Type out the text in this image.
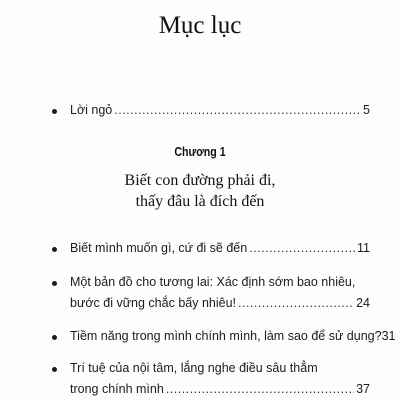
Mục lục
Lời ngỏ .....	5
Chương 1
Biết con đường phải đi,
thấy đâu là đích đến
Biết mình muốn gì, cứ đi sẽ đến .....	11
Một bản đồ cho tương lai: Xác định sớm bao nhiêu,
bước đi vững chắc bấy nhiêu! .....	24
Tiềm năng trong mình chính mình, làm sao để sử dụng? 31
Trí tuệ của nội tâm, lắng nghe điều sâu thẳm
trong chính mình .....	37
